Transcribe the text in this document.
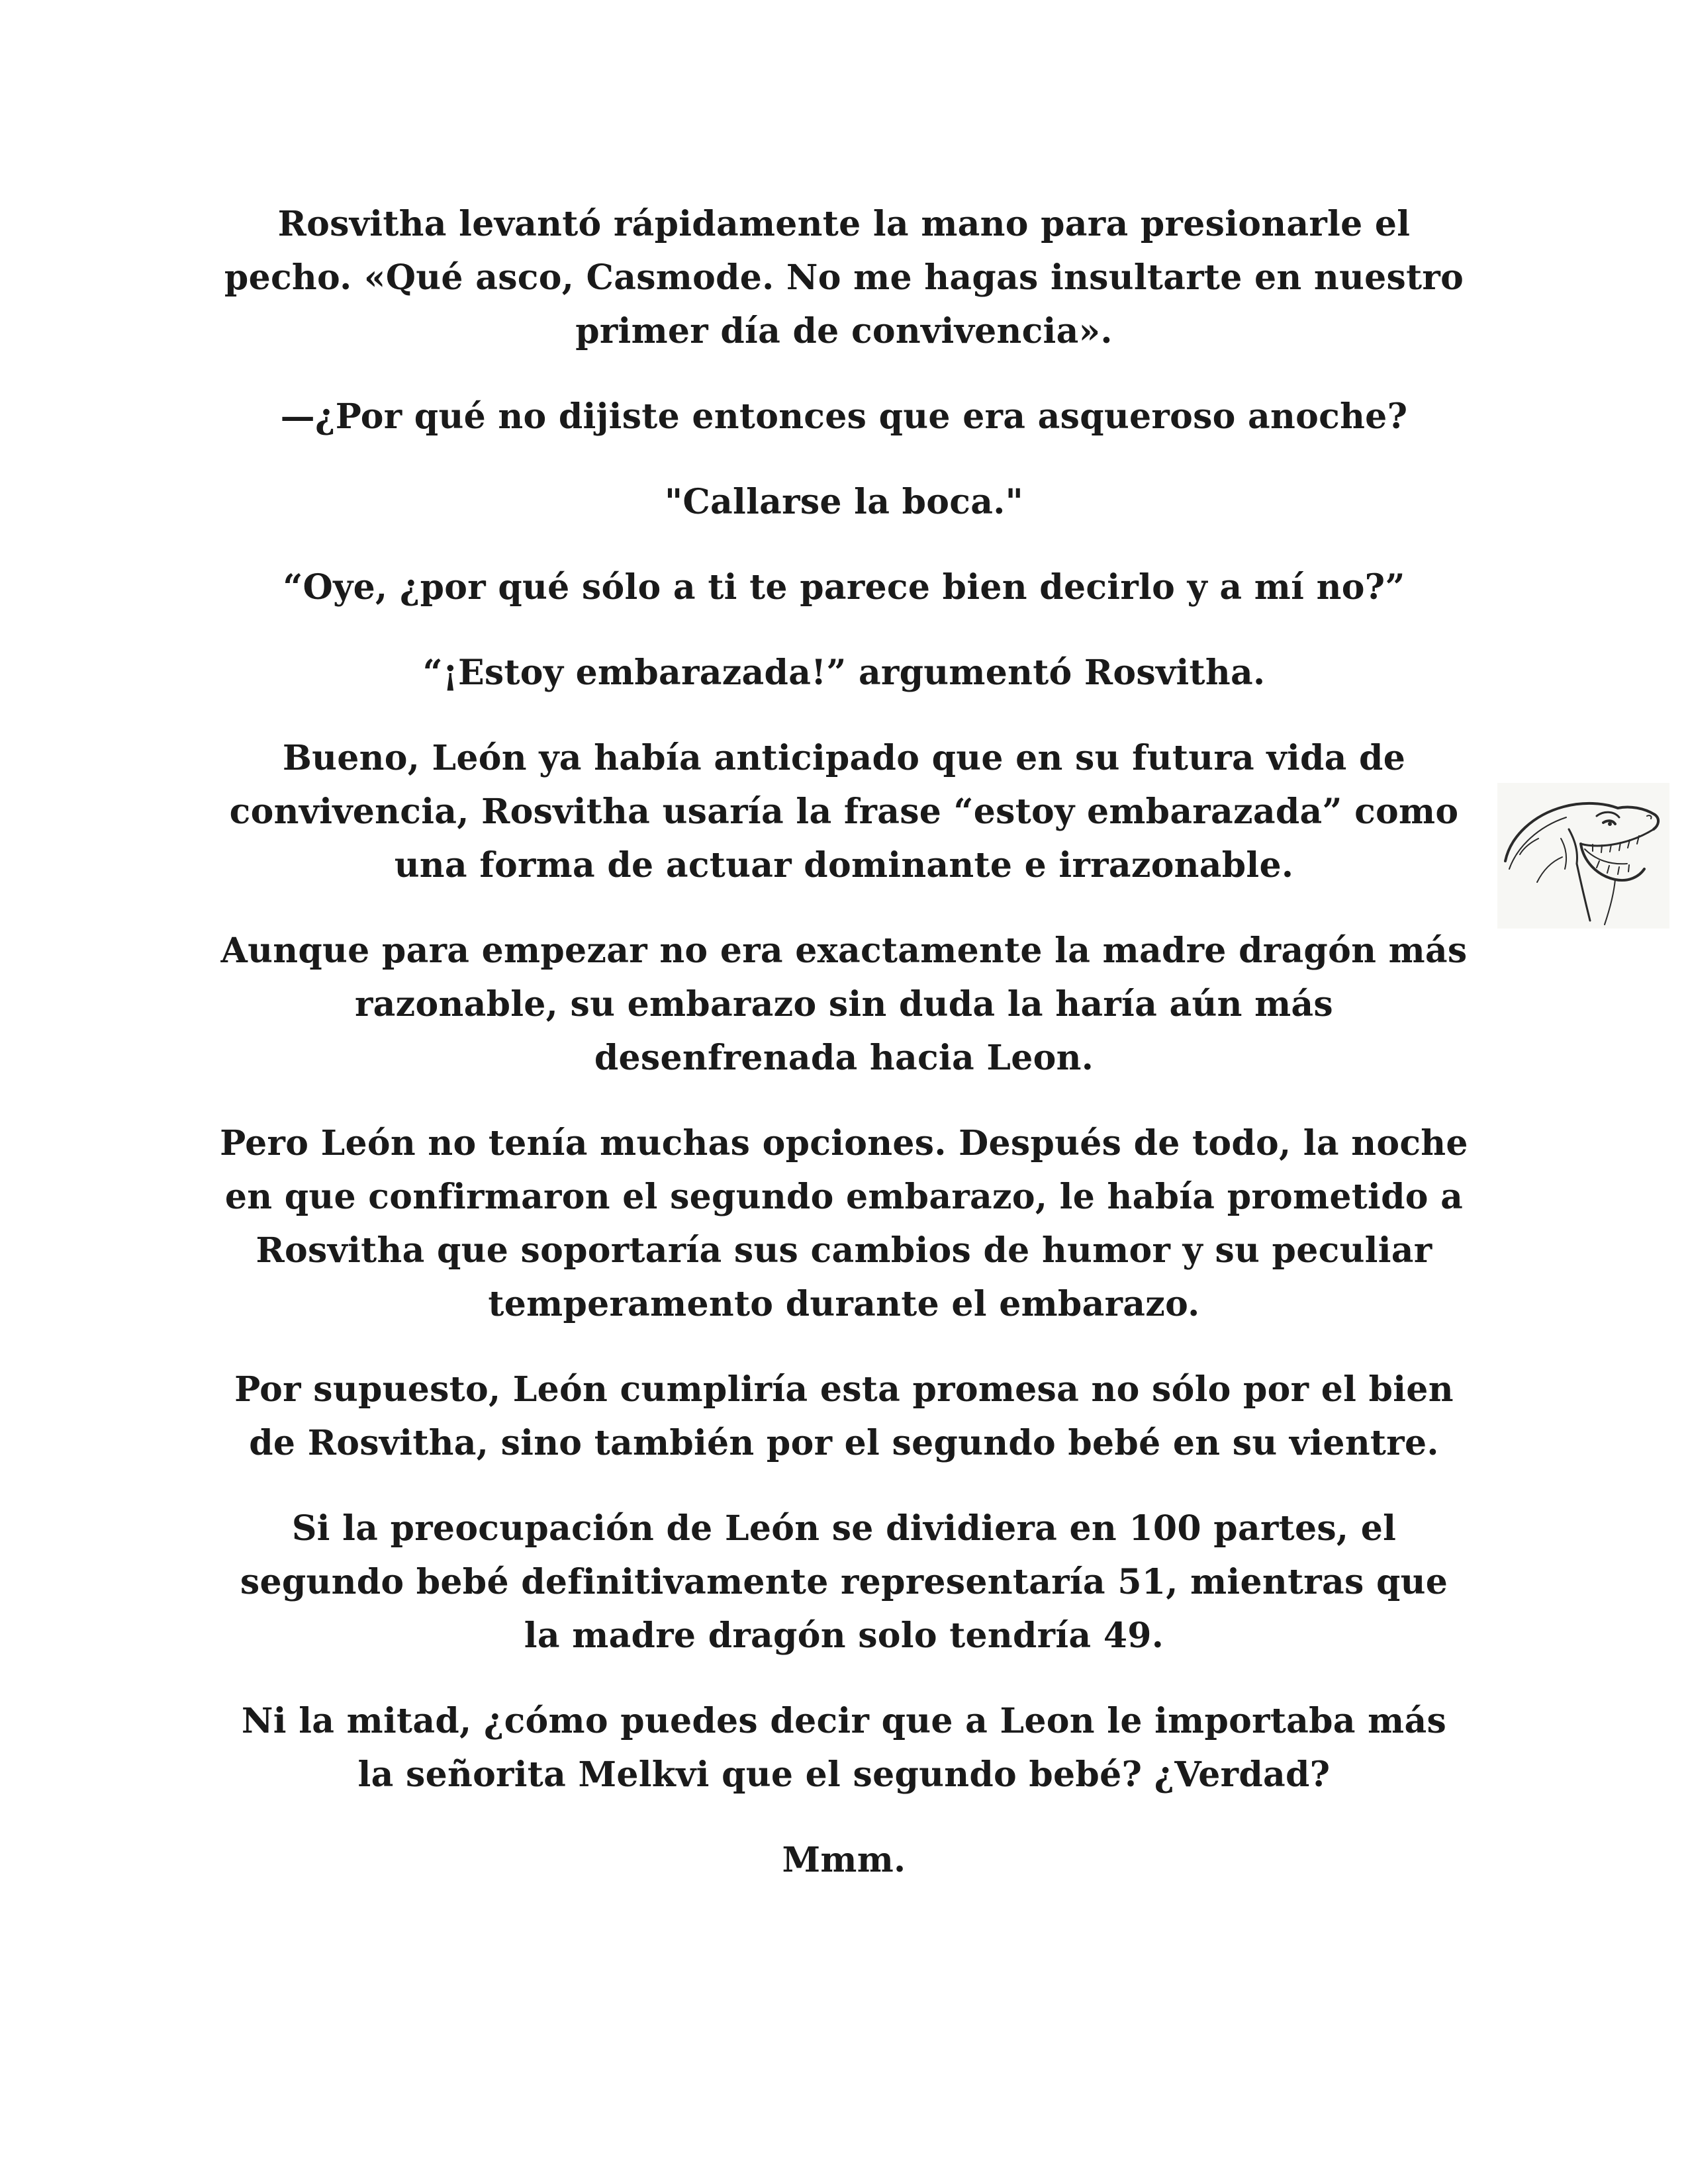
Rosvitha levantó rápidamente la mano para presionarle el pecho. «Qué asco, Casmode. No me hagas insultarte en nuestro primer día de convivencia».

—¿Por qué no dijiste entonces que era asqueroso anoche?

"Callarse la boca."

“Oye, ¿por qué sólo a ti te parece bien decirlo y a mí no?”

“¡Estoy embarazada!” argumentó Rosvitha.

Bueno, León ya había anticipado que en su futura vida de convivencia, Rosvitha usaría la frase “estoy embarazada” como una forma de actuar dominante e irrazonable.

Aunque para empezar no era exactamente la madre dragón más razonable, su embarazo sin duda la haría aún más desenfrenada hacia Leon.

Pero León no tenía muchas opciones. Después de todo, la noche en que confirmaron el segundo embarazo, le había prometido a Rosvitha que soportaría sus cambios de humor y su peculiar temperamento durante el embarazo.

Por supuesto, León cumpliría esta promesa no sólo por el bien de Rosvitha, sino también por el segundo bebé en su vientre.

Si la preocupación de León se dividiera en 100 partes, el segundo bebé definitivamente representaría 51, mientras que la madre dragón solo tendría 49.

Ni la mitad, ¿cómo puedes decir que a Leon le importaba más la señorita Melkvi que el segundo bebé? ¿Verdad?

Mmm.
